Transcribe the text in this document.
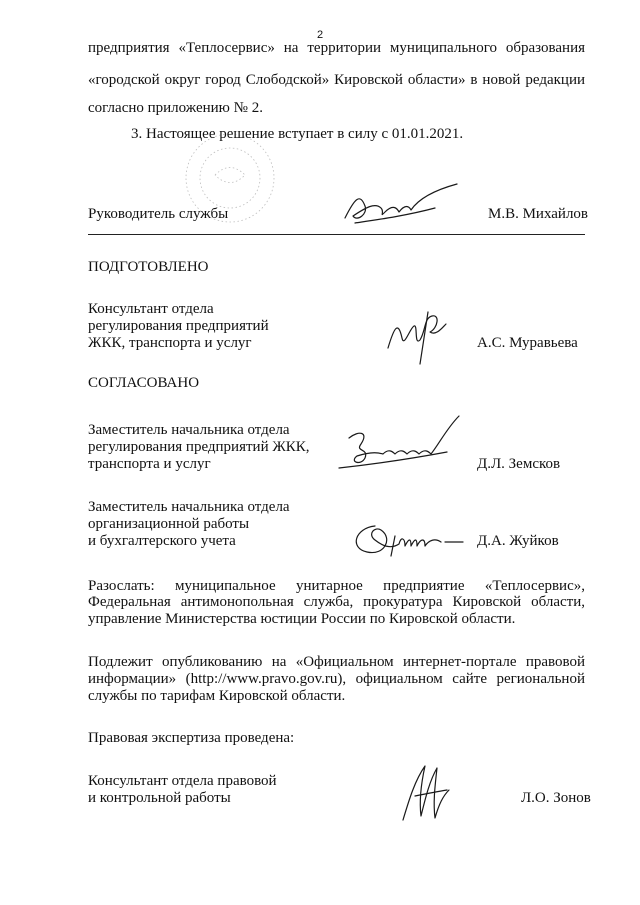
2
предприятия «Теплосервис» на территории муниципального образования
«городской округ город Слободской» Кировской области» в новой редакции
согласно приложению № 2.
3. Настоящее решение вступает в силу с 01.01.2021.
Руководитель службы	М.В. Михайлов
ПОДГОТОВЛЕНО
Консультант отдела
регулирования предприятий
ЖКК, транспорта и услуг	А.С. Муравьева
СОГЛАСОВАНО
Заместитель начальника отдела
регулирования предприятий ЖКК,
транспорта и услуг	Д.Л. Земсков
Заместитель начальника отдела
организационной работы
и бухгалтерского учета	Д.А. Жуйков
Разослать: муниципальное унитарное предприятие «Теплосервис»,
Федеральная антимонопольная служба, прокуратура Кировской области,
управление Министерства юстиции России по Кировской области.
Подлежит опубликованию на «Официальном интернет-портале правовой
информации» (http://www.pravo.gov.ru), официальном сайте региональной
службы по тарифам Кировской области.
Правовая экспертиза проведена:
Консультант отдела правовой
и контрольной работы	Л.О. Зонов
